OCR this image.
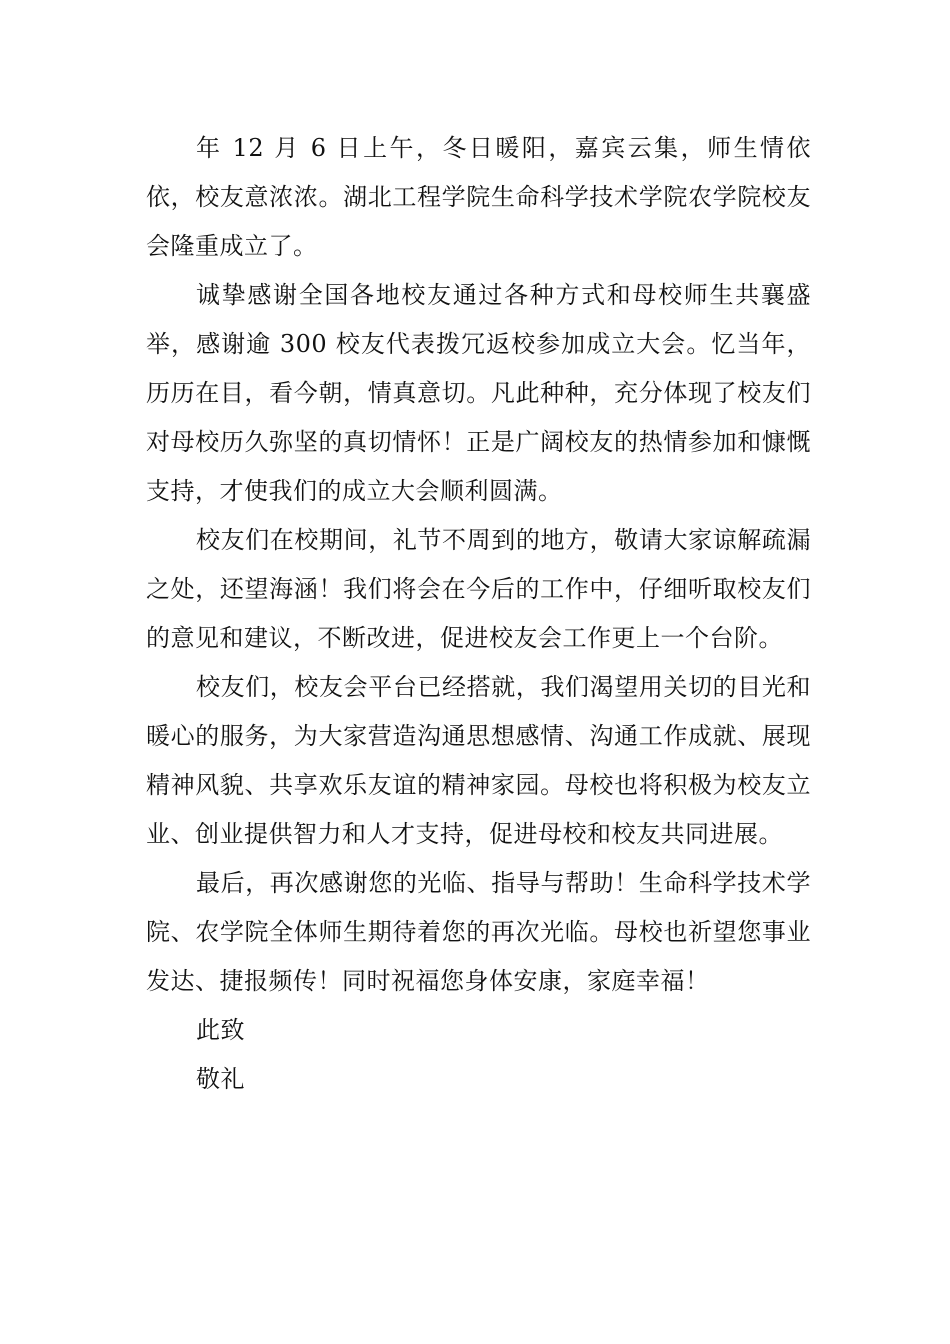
年 12 月 6 日上午，冬日暖阳，嘉宾云集，师生情依依，校友意浓浓。湖北工程学院生命科学技术学院农学院校友会隆重成立了。

诚挚感谢全国各地校友通过各种方式和母校师生共襄盛举，感谢逾 300 校友代表拨冗返校参加成立大会。忆当年，历历在目，看今朝，情真意切。凡此种种，充分体现了校友们对母校历久弥坚的真切情怀！正是广阔校友的热情参加和慷慨支持，才使我们的成立大会顺利圆满。

校友们在校期间，礼节不周到的地方，敬请大家谅解疏漏之处，还望海涵！我们将会在今后的工作中，仔细听取校友们的意见和建议，不断改进，促进校友会工作更上一个台阶。

校友们，校友会平台已经搭就，我们渴望用关切的目光和暖心的服务，为大家营造沟通思想感情、沟通工作成就、展现精神风貌、共享欢乐友谊的精神家园。母校也将积极为校友立业、创业提供智力和人才支持，促进母校和校友共同进展。

最后，再次感谢您的光临、指导与帮助！生命科学技术学院、农学院全体师生期待着您的再次光临。母校也祈望您事业发达、捷报频传！同时祝福您身体安康，家庭幸福！

此致

敬礼
